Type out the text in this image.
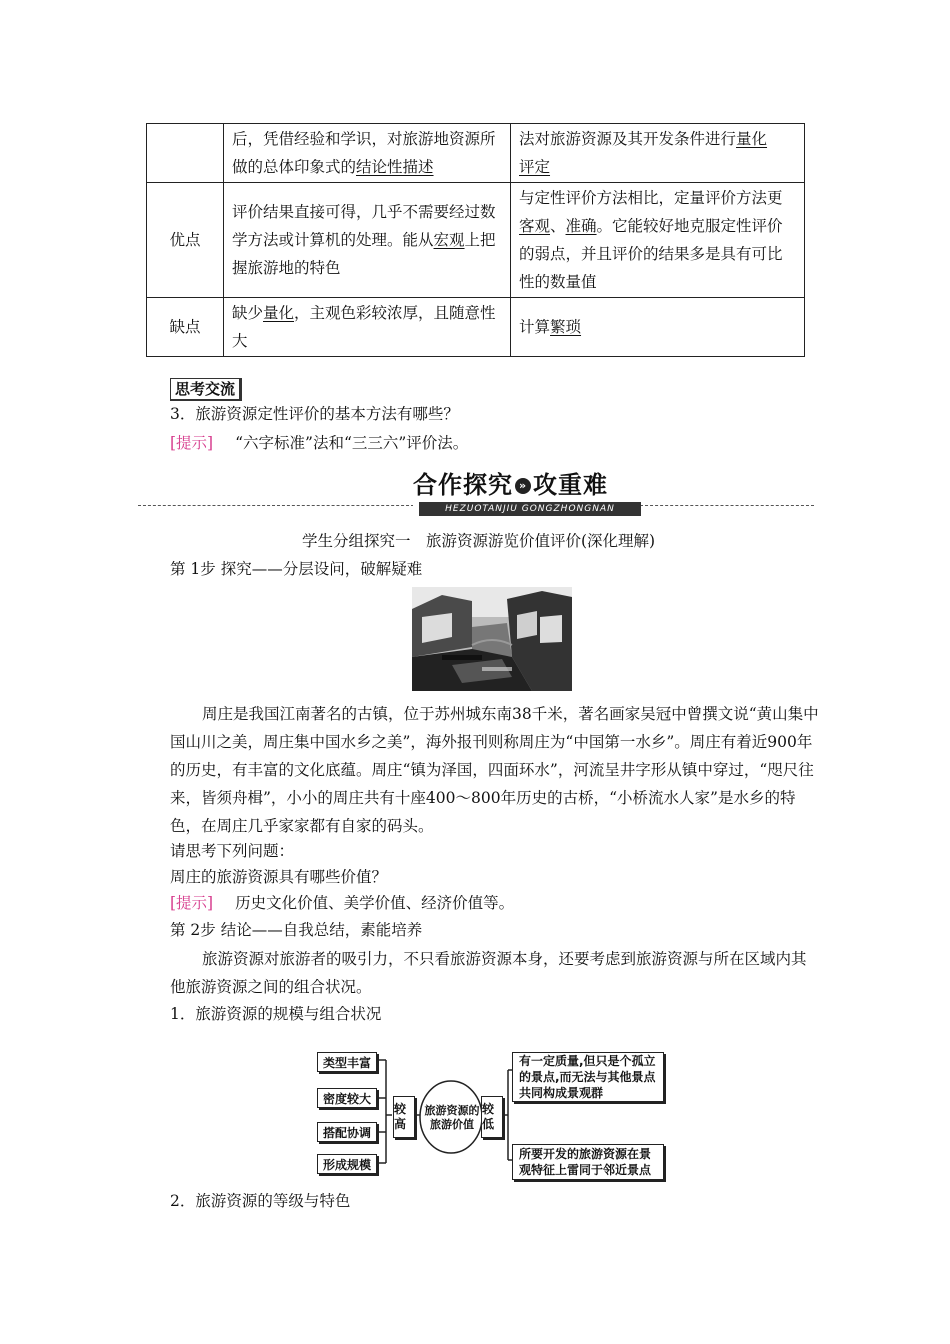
	后，凭借经验和学识，对旅游地资源所做的总体印象式的结论性描述	法对旅游资源及其开发条件进行量化
评定
优点	评价结果直接可得，几乎不需要经过数学方法或计算机的处理。能从宏观上把握旅游地的特色	与定性评价方法相比，定量评价方法更客观、准确。它能较好地克服定性评价的弱点，并且评价的结果多是具有可比性的数量值
缺点	缺少量化，主观色彩较浓厚，且随意性大	计算繁琐
思考交流
3．旅游资源定性评价的基本方法有哪些？
[提示] “六字标准”法和“三三六”评价法。
合作探究 » 攻重难
HEZUOTANJIU GONGZHONGNAN
学生分组探究一　旅游资源游览价值评价(深化理解)
第 1步 探究——分层设问，破解疑难
周庄是我国江南著名的古镇，位于苏州城东南38千米，著名画家吴冠中曾撰文说“黄山集中国山川之美，周庄集中国水乡之美”，海外报刊则称周庄为“中国第一水乡”。周庄有着近900年的历史，有丰富的文化底蕴。周庄“镇为泽国，四面环水”，河流呈井字形从镇中穿过，“咫尺往来，皆须舟楫”，小小的周庄共有十座400～800年历史的古桥，“小桥流水人家”是水乡的特色，在周庄几乎家家都有自家的码头。
请思考下列问题：
周庄的旅游资源具有哪些价值？
[提示] 历史文化价值、美学价值、经济价值等。
第 2步 结论——自我总结，素能培养
旅游资源对旅游者的吸引力，不只看旅游资源本身，还要考虑到旅游资源与所在区域内其他旅游资源之间的组合状况。
1．旅游资源的规模与组合状况
类型丰富
密度较大
搭配协调
形成规模
较高
旅游资源的旅游价值
较低
有一定质量,但只是个孤立的景点,而无法与其他景点共同构成景观群
所要开发的旅游资源在景观特征上雷同于邻近景点
2．旅游资源的等级与特色
